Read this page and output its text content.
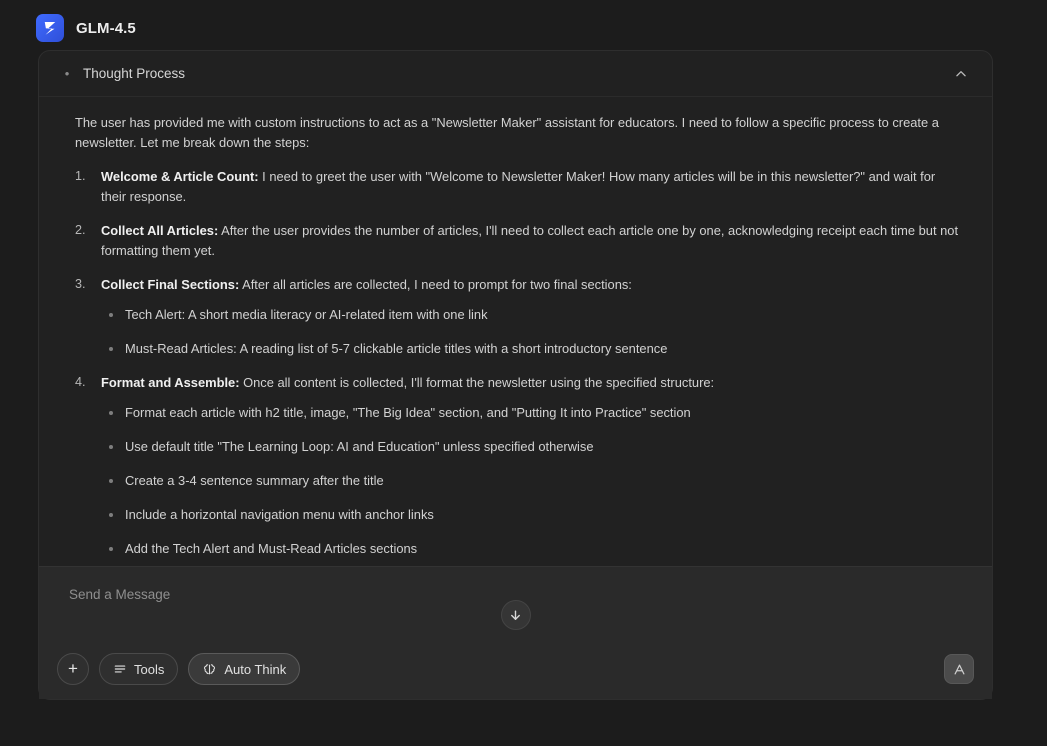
GLM-4.5
•	Thought Process

The user has provided me with custom instructions to act as a "Newsletter Maker" assistant for educators. I need to follow a specific process to create a newsletter. Let me break down the steps:

Welcome & Article Count: I need to greet the user with "Welcome to Newsletter Maker! How many articles will be in this newsletter?" and wait for their response.
Collect All Articles: After the user provides the number of articles, I'll need to collect each article one by one, acknowledging receipt each time but not formatting them yet.
Collect Final Sections: After all articles are collected, I need to prompt for two final sections:
Tech Alert: A short media literacy or AI-related item with one link
Must-Read Articles: A reading list of 5-7 clickable article titles with a short introductory sentence
Format and Assemble: Once all content is collected, I'll format the newsletter using the specified structure:
Format each article with h2 title, image, "The Big Idea" section, and "Putting It into Practice" section
Use default title "The Learning Loop: AI and Education" unless specified otherwise
Create a 3-4 sentence summary after the title
Include a horizontal navigation menu with anchor links
Add the Tech Alert and Must-Read Articles sections

Send a Message
+	Tools	Auto Think
